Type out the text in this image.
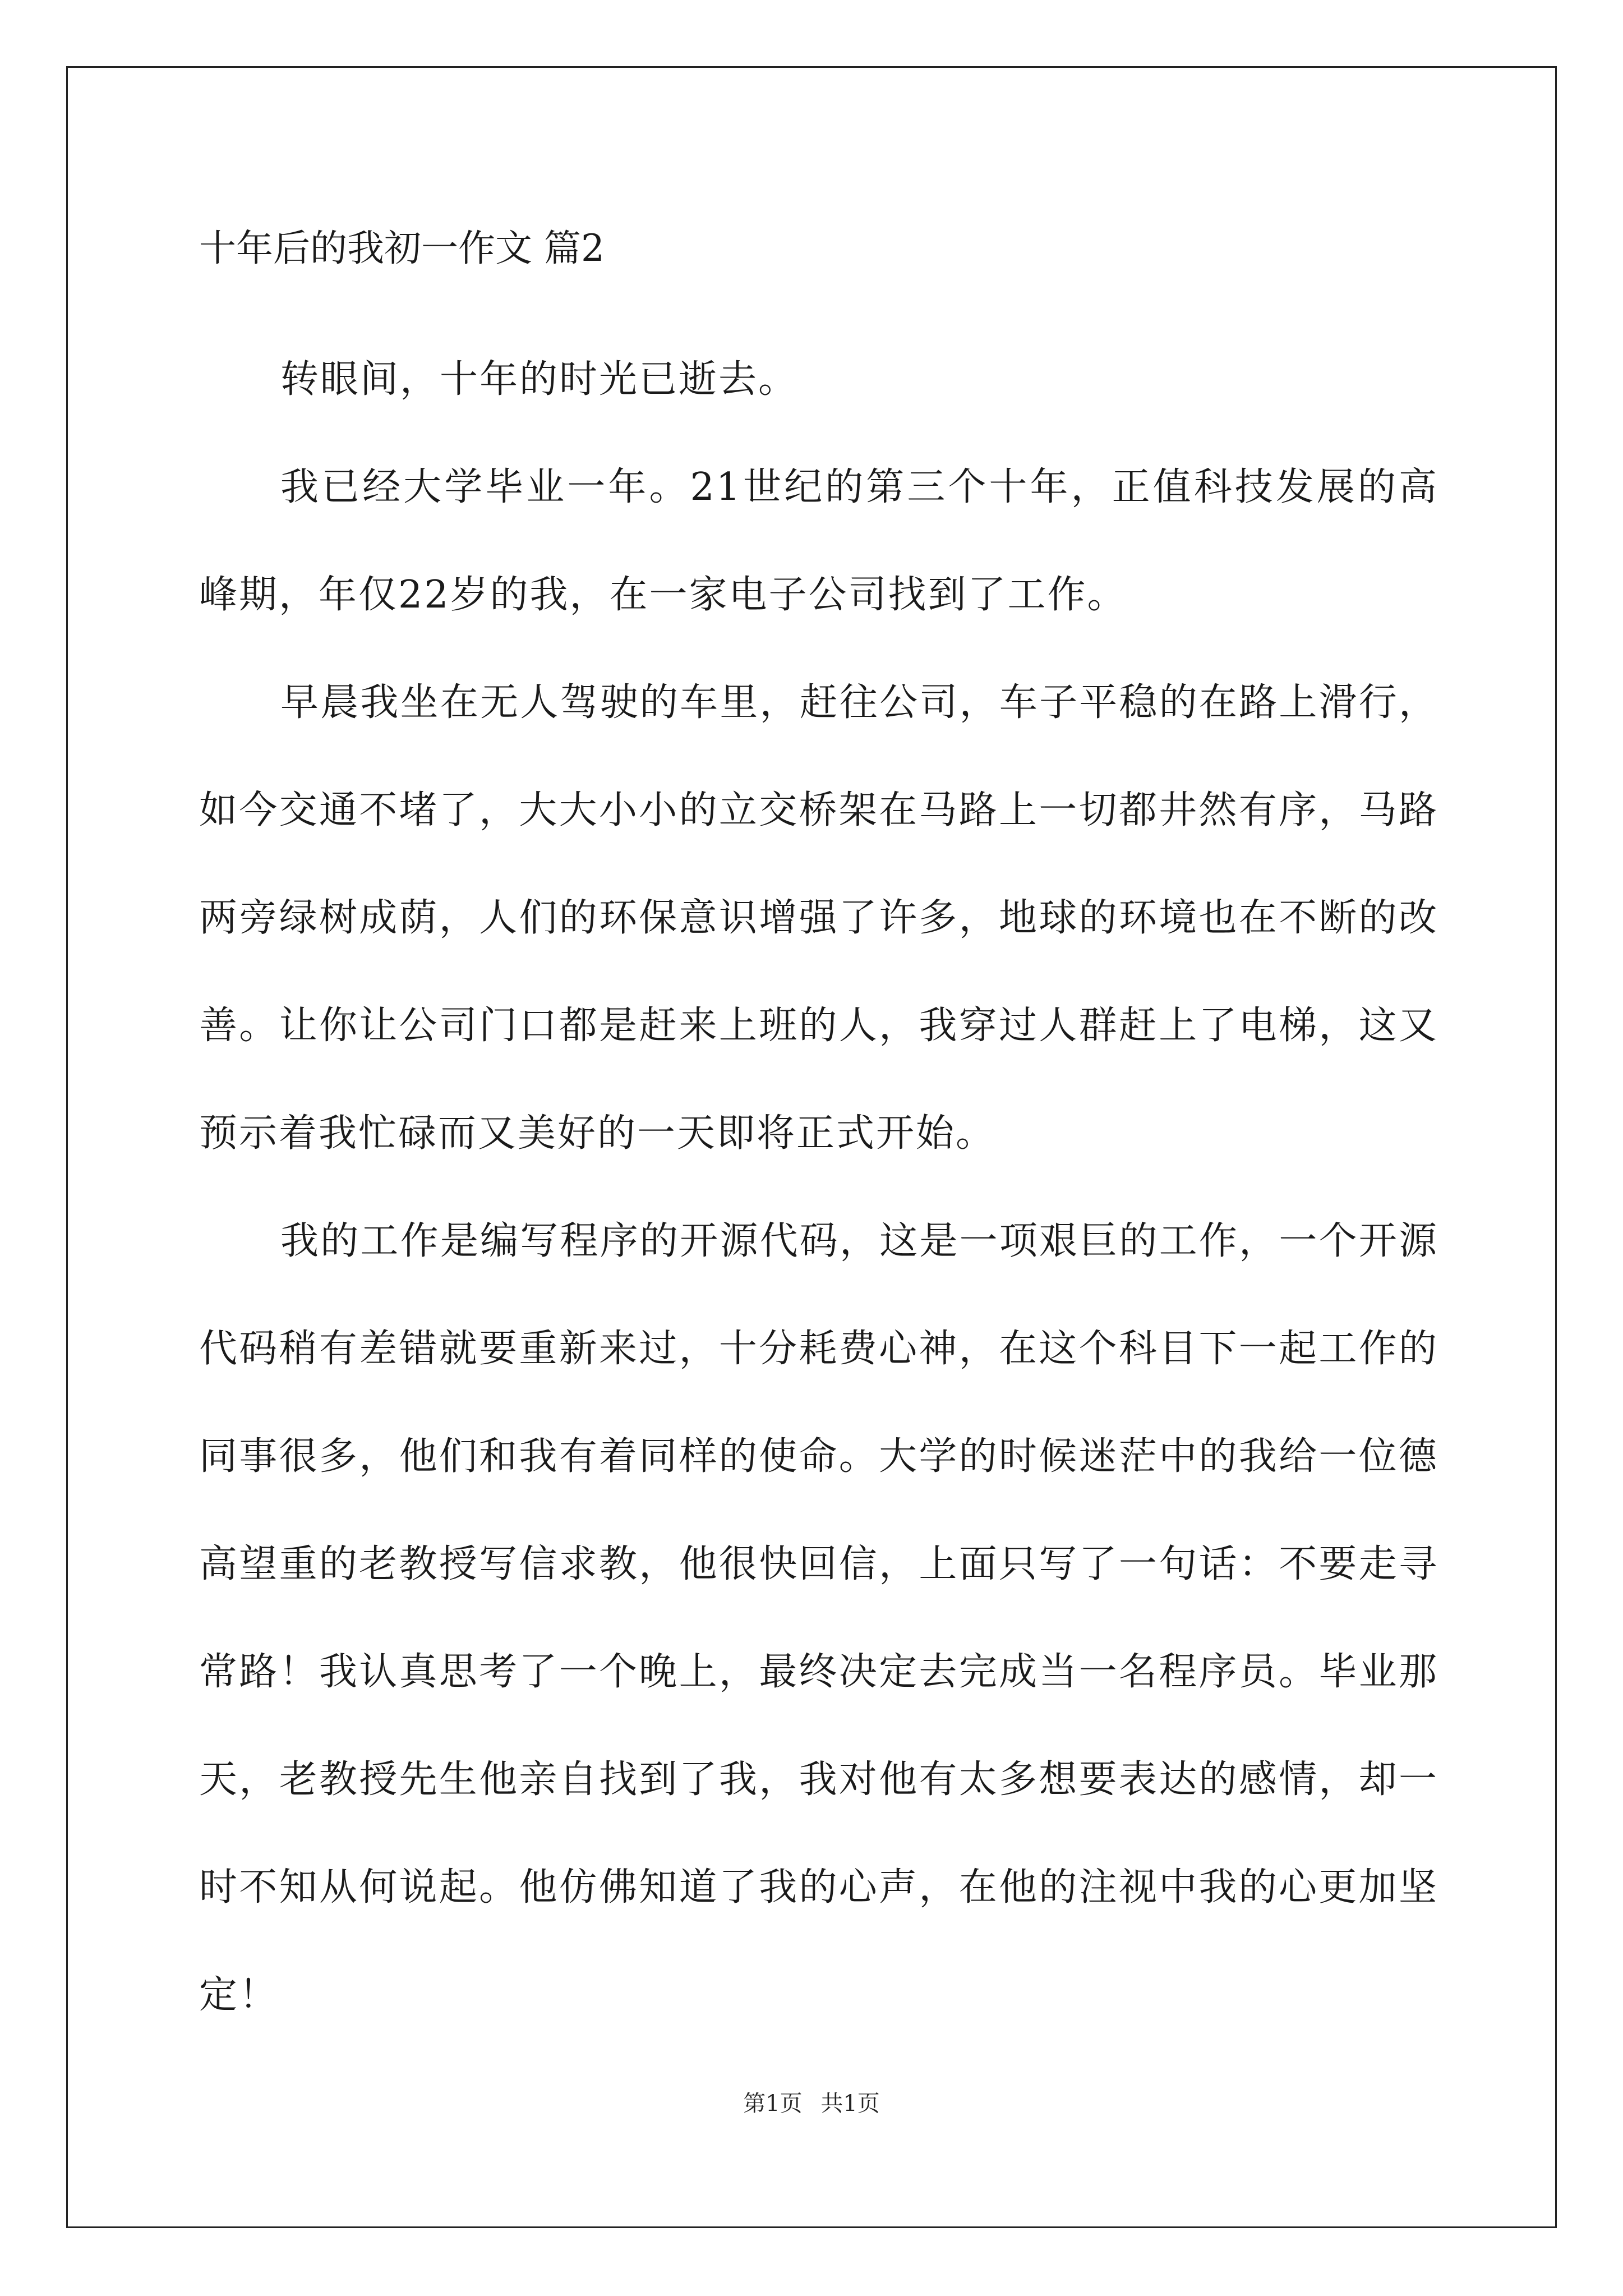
十年后的我初一作文 篇2

转眼间，十年的时光已逝去。

我已经大学毕业一年。21世纪的第三个十年，正值科技发展的高峰期，年仅22岁的我，在一家电子公司找到了工作。

早晨我坐在无人驾驶的车里，赶往公司，车子平稳的在路上滑行，如今交通不堵了，大大小小的立交桥架在马路上一切都井然有序，马路两旁绿树成荫，人们的环保意识增强了许多，地球的环境也在不断的改善。让你让公司门口都是赶来上班的人，我穿过人群赶上了电梯，这又预示着我忙碌而又美好的一天即将正式开始。

我的工作是编写程序的开源代码，这是一项艰巨的工作，一个开源代码稍有差错就要重新来过，十分耗费心神，在这个科目下一起工作的同事很多，他们和我有着同样的使命。大学的时候迷茫中的我给一位德高望重的老教授写信求教，他很快回信，上面只写了一句话：不要走寻常路！我认真思考了一个晚上，最终决定去完成当一名程序员。毕业那天，老教授先生他亲自找到了我，我对他有太多想要表达的感情，却一时不知从何说起。他仿佛知道了我的心声，在他的注视中我的心更加坚定！

第1页 共1页
